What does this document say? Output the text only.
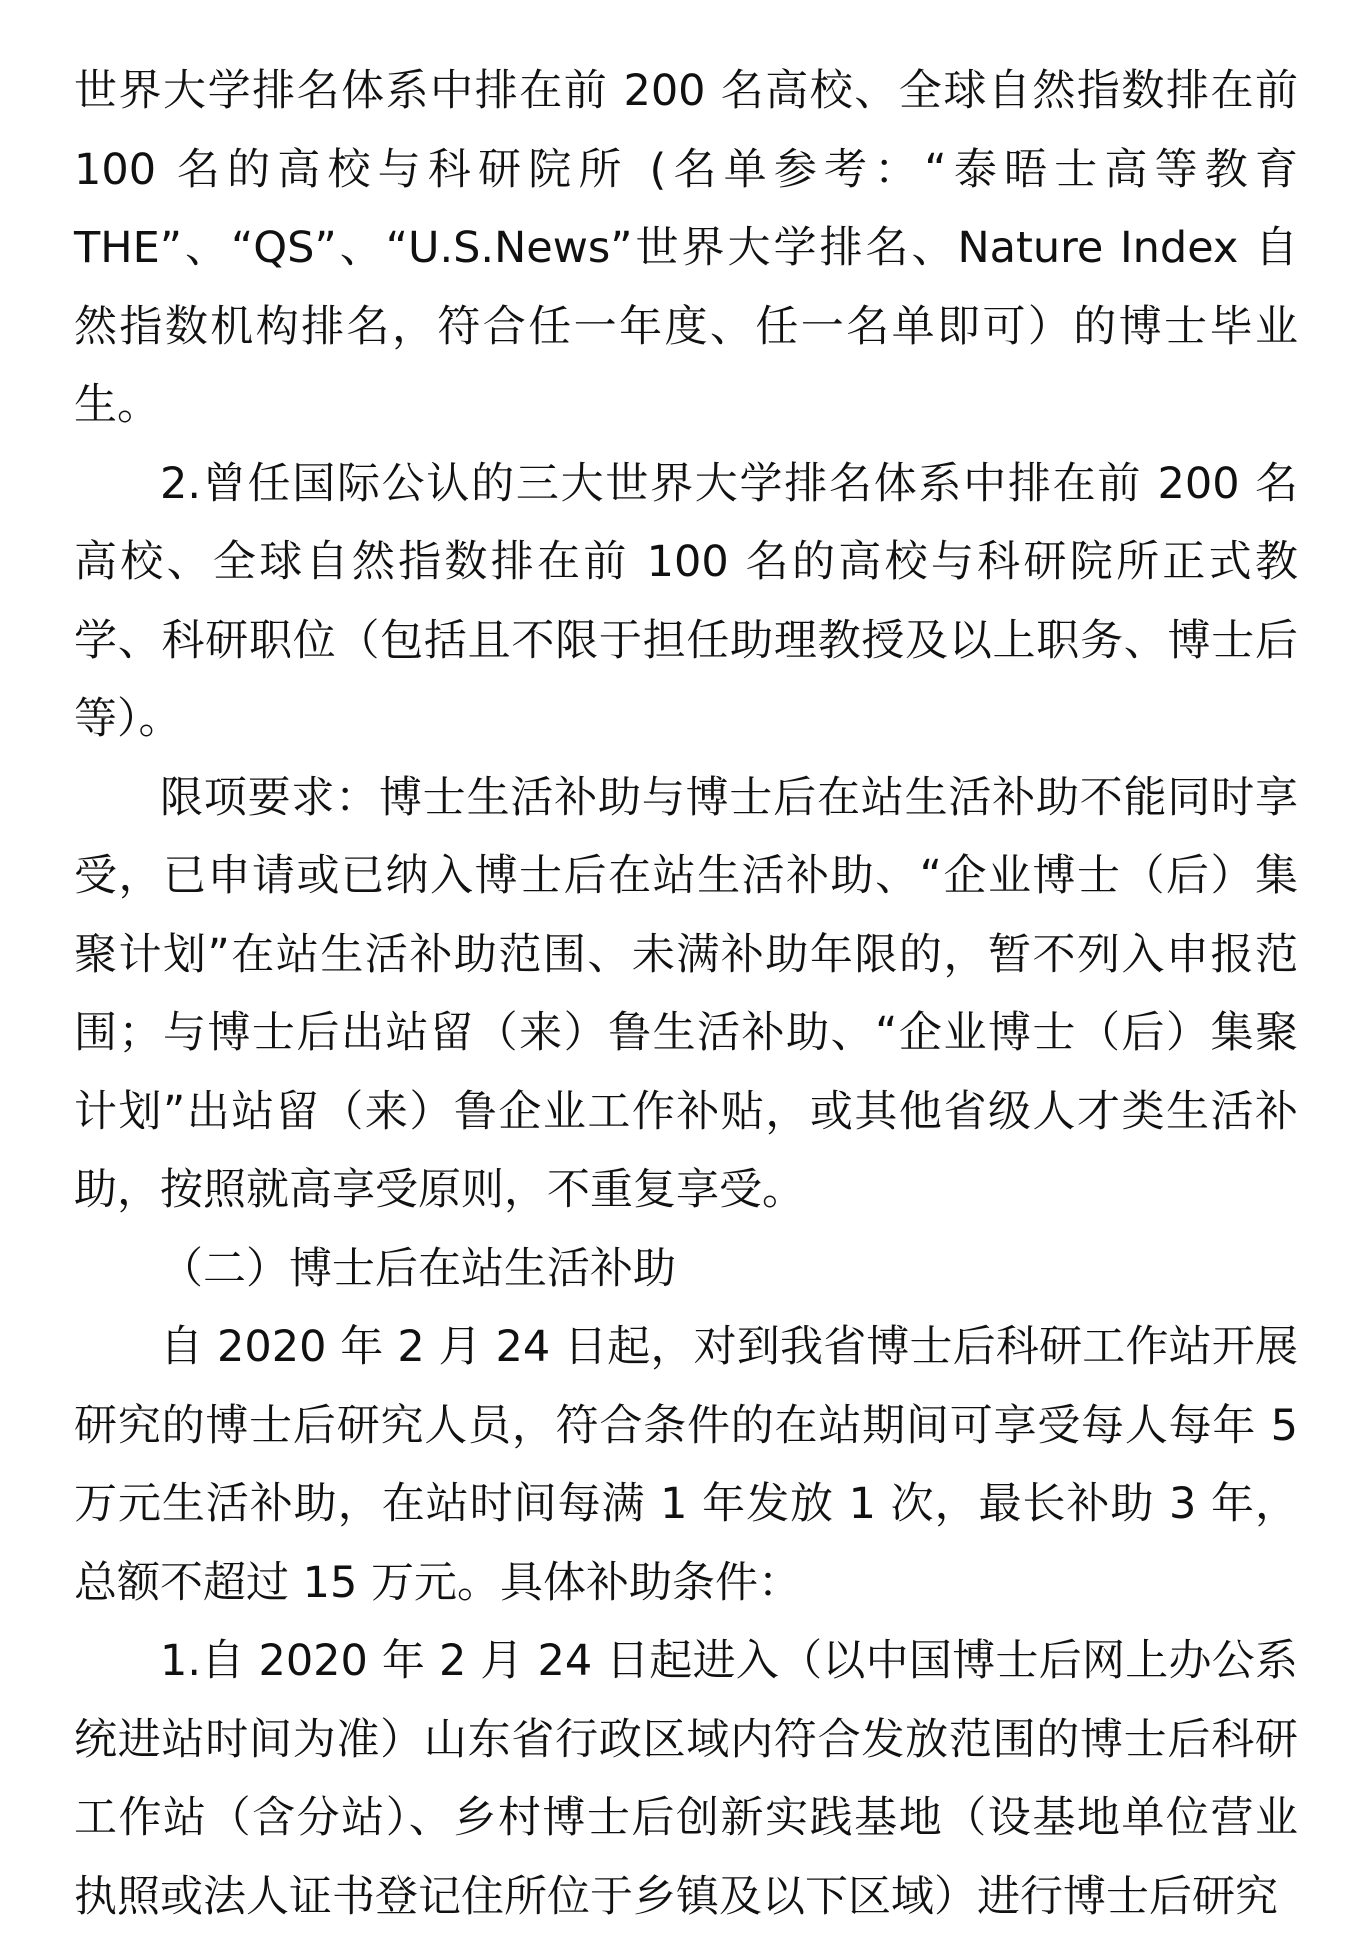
世界大学排名体系中排在前 200 名高校、全球自然指数排在前 100 名的高校与科研院所 (名单参考：“泰晤士高等教育 THE”、“QS”、“U.S.News”世界大学排名、Nature Index 自然指数机构排名，符合任一年度、任一名单即可）的博士毕业生。

2.曾任国际公认的三大世界大学排名体系中排在前 200 名高校、全球自然指数排在前 100 名的高校与科研院所正式教学、科研职位（包括且不限于担任助理教授及以上职务、博士后等）。

限项要求：博士生活补助与博士后在站生活补助不能同时享受，已申请或已纳入博士后在站生活补助、“企业博士（后）集聚计划”在站生活补助范围、未满补助年限的，暂不列入申报范围；与博士后出站留（来）鲁生活补助、“企业博士（后）集聚计划”出站留（来）鲁企业工作补贴，或其他省级人才类生活补助，按照就高享受原则，不重复享受。

（二）博士后在站生活补助

自 2020 年 2 月 24 日起，对到我省博士后科研工作站开展研究的博士后研究人员，符合条件的在站期间可享受每人每年 5 万元生活补助，在站时间每满 1 年发放 1 次，最长补助 3 年，总额不超过 15 万元。具体补助条件：

1.自 2020 年 2 月 24 日起进入（以中国博士后网上办公系统进站时间为准）山东省行政区域内符合发放范围的博士后科研工作站（含分站）、乡村博士后创新实践基地（设基地单位营业执照或法人证书登记住所位于乡镇及以下区域）进行博士后研究
